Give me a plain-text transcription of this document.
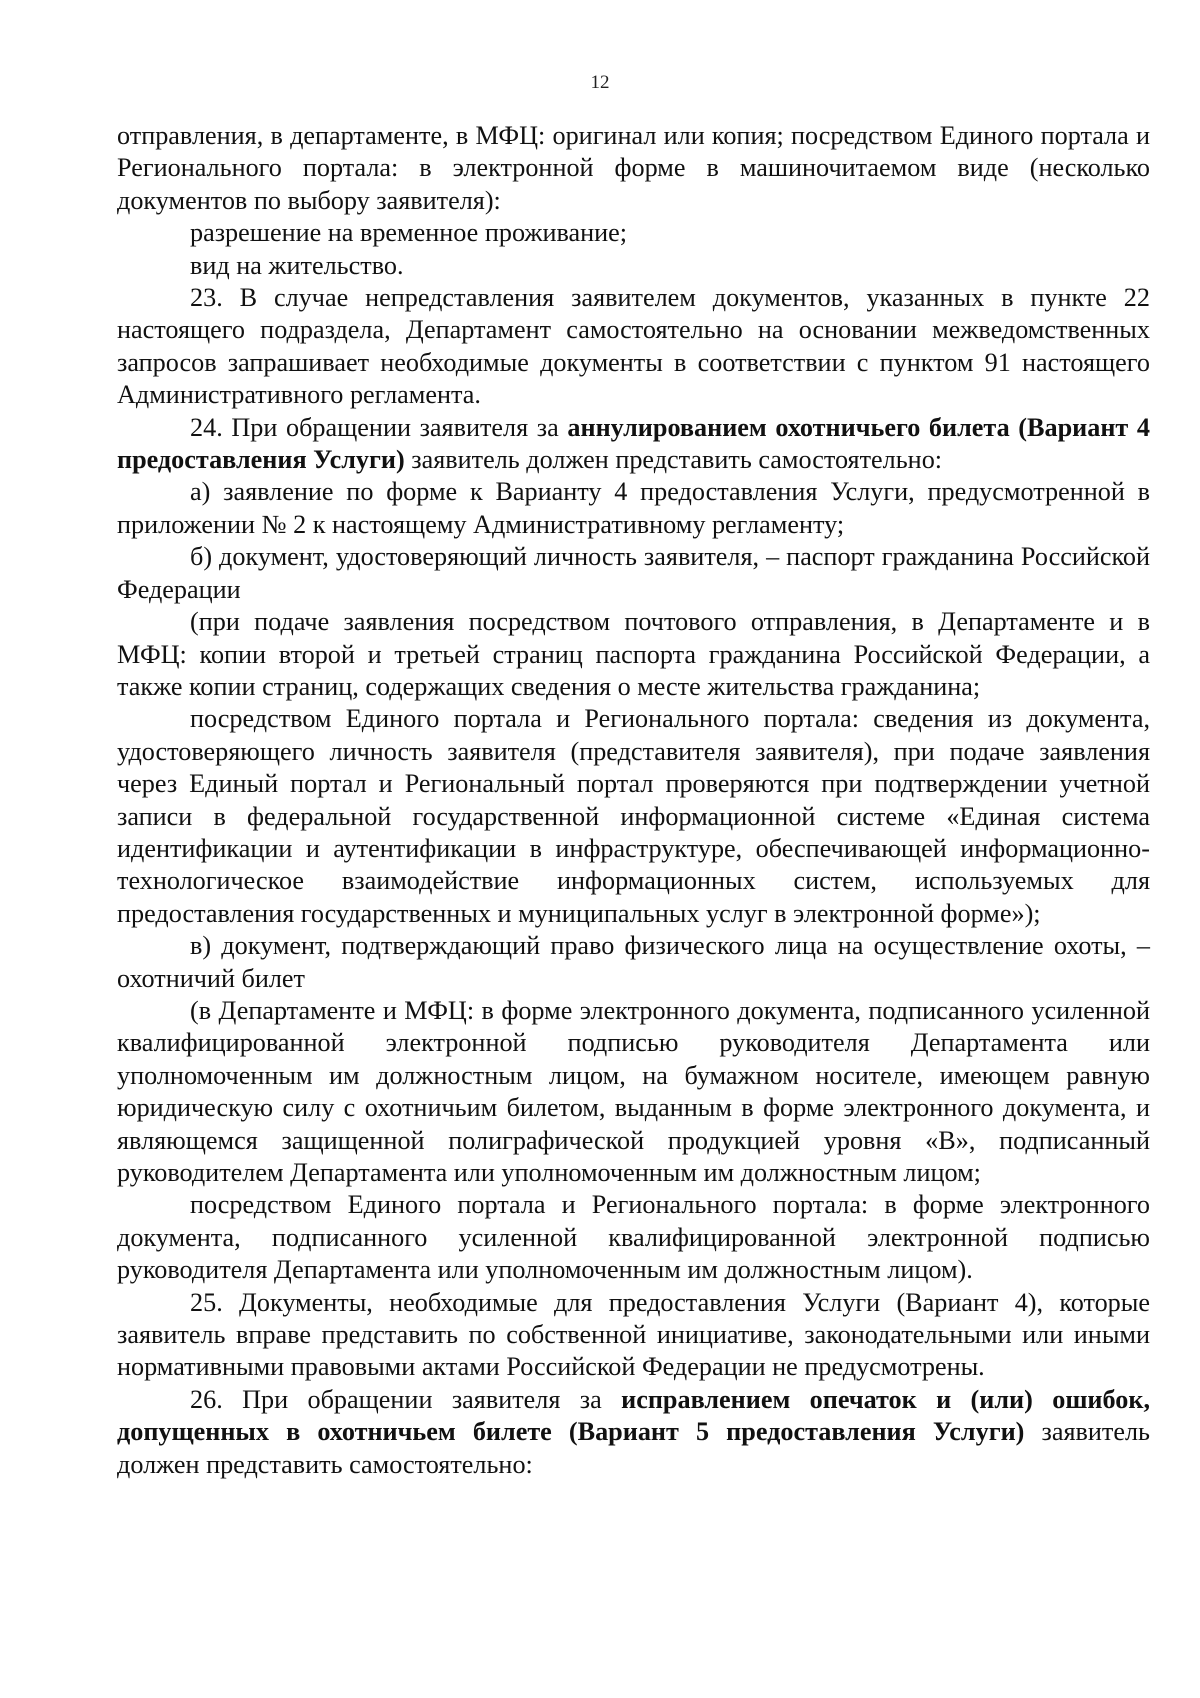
12

отправления, в департаменте, в МФЦ: оригинал или копия; посредством Единого портала и Регионального портала: в электронной форме в машиночитаемом виде (несколько документов по выбору заявителя):

разрешение на временное проживание;

вид на жительство.

23. В случае непредставления заявителем документов, указанных в пункте 22 настоящего подраздела, Департамент самостоятельно на основании межведомственных запросов запрашивает необходимые документы в соответствии с пунктом 91 настоящего Административного регламента.

24. При обращении заявителя за аннулированием охотничьего билета (Вариант 4 предоставления Услуги) заявитель должен представить самостоятельно:

а) заявление по форме к Варианту 4 предоставления Услуги, предусмотренной в приложении № 2 к настоящему Административному регламенту;

б) документ, удостоверяющий личность заявителя, – паспорт гражданина Российской Федерации

(при подаче заявления посредством почтового отправления, в Департаменте и в МФЦ: копии второй и третьей страниц паспорта гражданина Российской Федерации, а также копии страниц, содержащих сведения о месте жительства гражданина;

посредством Единого портала и Регионального портала: сведения из документа, удостоверяющего личность заявителя (представителя заявителя), при подаче заявления через Единый портал и Региональный портал проверяются при подтверждении учетной записи в федеральной государственной информационной системе «Единая система идентификации и аутентификации в инфраструктуре, обеспечивающей информационно-технологическое взаимодействие информационных систем, используемых для предоставления государственных и муниципальных услуг в электронной форме»);

в) документ, подтверждающий право физического лица на осуществление охоты, – охотничий билет

(в Департаменте и МФЦ: в форме электронного документа, подписанного усиленной квалифицированной электронной подписью руководителя Департамента или уполномоченным им должностным лицом, на бумажном носителе, имеющем равную юридическую силу с охотничьим билетом, выданным в форме электронного документа, и являющемся защищенной полиграфической продукцией уровня «В», подписанный руководителем Департамента или уполномоченным им должностным лицом;

посредством Единого портала и Регионального портала: в форме электронного документа, подписанного усиленной квалифицированной электронной подписью руководителя Департамента или уполномоченным им должностным лицом).

25. Документы, необходимые для предоставления Услуги (Вариант 4), которые заявитель вправе представить по собственной инициативе, законодательными или иными нормативными правовыми актами Российской Федерации не предусмотрены.

26. При обращении заявителя за исправлением опечаток и (или) ошибок, допущенных в охотничьем билете (Вариант 5 предоставления Услуги) заявитель должен представить самостоятельно:
